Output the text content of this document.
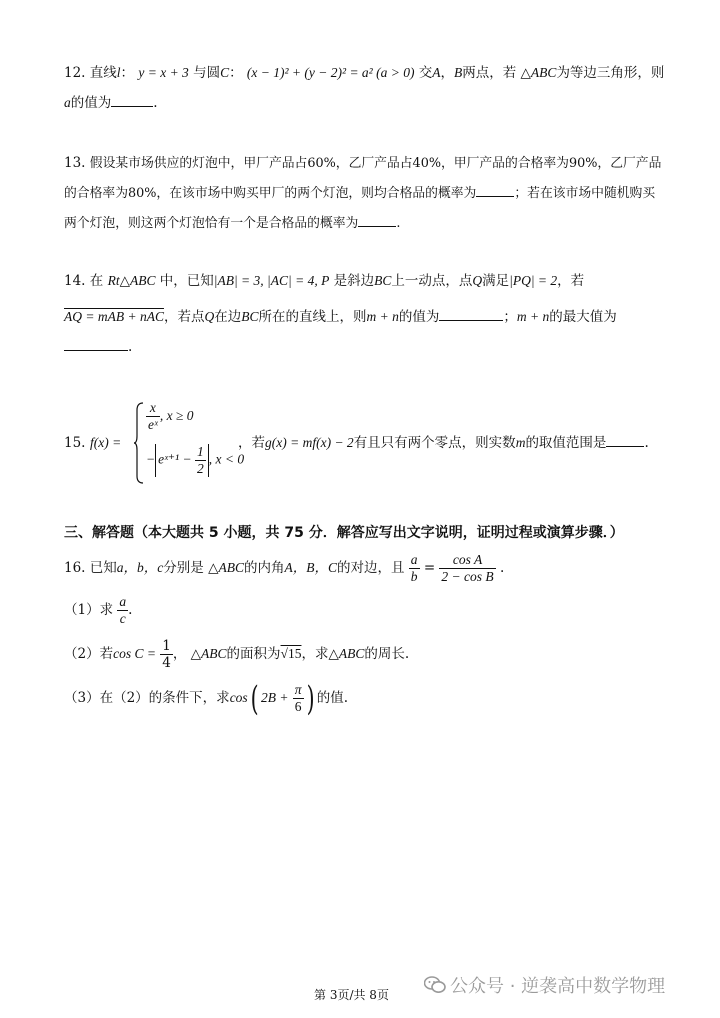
12. 直线l： y = x + 3 与圆C： (x − 1)² + (y − 2)² = a² (a > 0) 交A，B两点，若 △ABC为等边三角形，则
a的值为	.
13. 假设某市场供应的灯泡中，甲厂产品占60%，乙厂产品占40%，甲厂产品的合格率为90%，乙厂产品
的合格率为80%，在该市场中购买甲厂的两个灯泡，则均合格品的概率为	；若在该市场中随机购买
两个灯泡，则这两个灯泡恰有一个是合格品的概率为	.
14. 在 Rt△ABC 中，已知|AB| = 3, |AC| = 4, P 是斜边BC上一动点，点Q满足|PQ| = 2，若
AQ = mAB + nAC，若点Q在边BC所在的直线上，则m + n的值为	；m + n的最大值为
.
15. f(x) =
$\frac{x}{\text{eˣ}}$ , x ≥ 0
− eˣ⁺¹ − $\frac{1}{2}$ , x < 0
，若g(x) = mf(x) − 2有且只有两个零点，则实数m的取值范围是	.
三、解答题（本大题共 5 小题，共 75 分．解答应写出文字说明，证明过程或演算步骤．）
16. 已知a，b，c分别是 △ABC的内角A，B，C的对边，且 $\frac{a}{b} = \frac{\text{cos A}}{\text{2 − cos B}}$ .
（1）求 $\frac{a}{c}$ .
（2）若$\cos C = \frac{1}{4}$ ， △ABC的面积为√15，求△ABC的周长.
（3）在（2）的条件下，求cos( $2B + \frac{\pi}{6}$ ) 的值.
第 3页/共 8页	公众号 · 逆袭高中数学物理
